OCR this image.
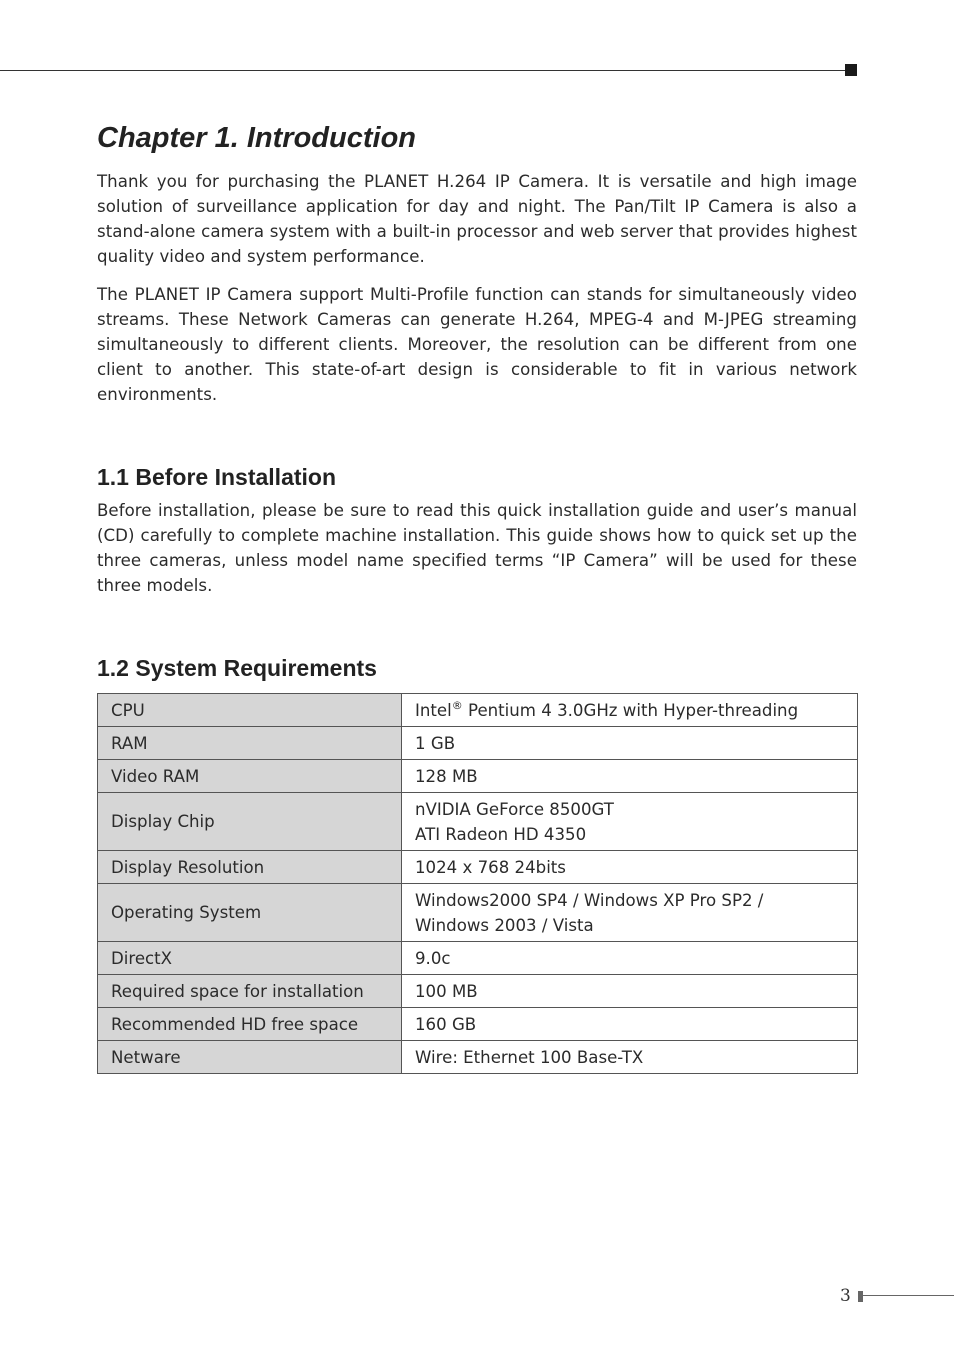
Chapter 1. Introduction

Thank you for purchasing the PLANET H.264 IP Camera. It is versatile and high image solution of surveillance application for day and night. The Pan/Tilt IP Camera is also a stand-alone camera system with a built-in processor and web server that provides highest quality video and system performance.

The PLANET IP Camera support Multi-Profile function can stands for simultaneously video streams. These Network Cameras can generate H.264, MPEG-4 and M-JPEG streaming simultaneously to different clients. Moreover, the resolution can be different from one client to another. This state-of-art design is considerable to fit in various network environments.

1.1 Before Installation

Before installation, please be sure to read this quick installation guide and user’s manual (CD) carefully to complete machine installation. This guide shows how to quick set up the three cameras, unless model name specified terms “IP Camera” will be used for these three models.

1.2 System Requirements
CPU	Intel® Pentium 4 3.0GHz with Hyper-threading
RAM	1 GB
Video RAM	128 MB
Display Chip	nVIDIA GeForce 8500GT
ATI Radeon HD 4350

Display Resolution	1024 x 768 24bits
Operating System	Windows2000 SP4 / Windows XP Pro SP2 /
Windows 2003 / Vista

DirectX	9.0c
Required space for installation	100 MB
Recommended HD free space	160 GB
Netware	Wire: Ethernet 100 Base-TX
3
